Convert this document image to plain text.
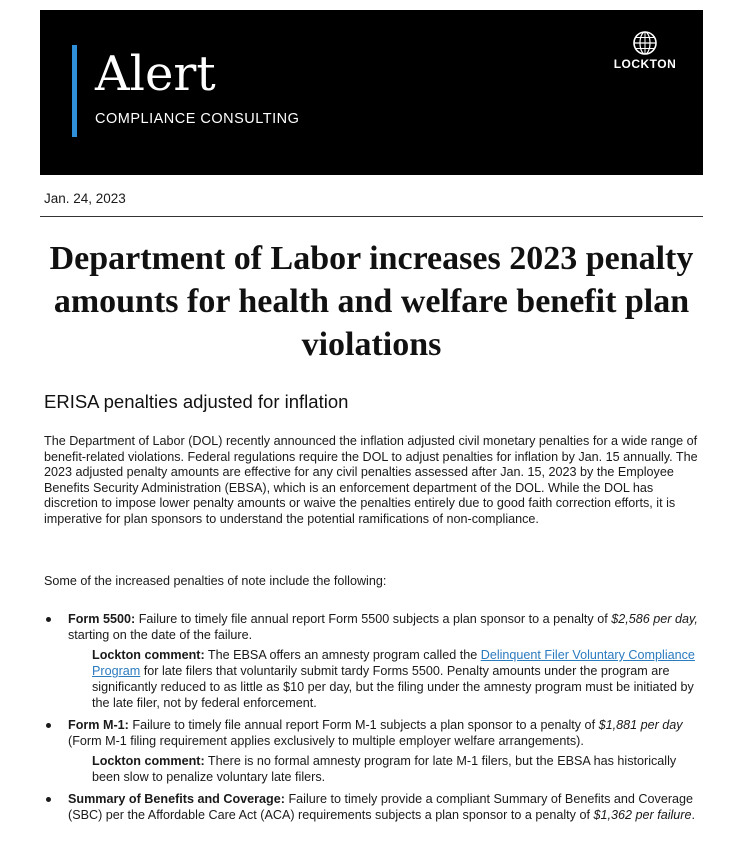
Alert
COMPLIANCE CONSULTING
LOCKTON
Jan. 24, 2023
Department of Labor increases 2023 penalty amounts for health and welfare benefit plan violations
ERISA penalties adjusted for inflation

The Department of Labor (DOL) recently announced the inflation adjusted civil monetary penalties for a wide range of benefit-related violations. Federal regulations require the DOL to adjust penalties for inflation by Jan. 15 annually. The 2023 adjusted penalty amounts are effective for any civil penalties assessed after Jan. 15, 2023 by the Employee Benefits Security Administration (EBSA), which is an enforcement department of the DOL. While the DOL has discretion to impose lower penalty amounts or waive the penalties entirely due to good faith correction efforts, it is imperative for plan sponsors to understand the potential ramifications of non-compliance.

Some of the increased penalties of note include the following:

Form 5500: Failure to timely file annual report Form 5500 subjects a plan sponsor to a penalty of $2,586 per day, starting on the date of the failure.
Lockton comment: The EBSA offers an amnesty program called the Delinquent Filer Voluntary Compliance Program for late filers that voluntarily submit tardy Forms 5500. Penalty amounts under the program are significantly reduced to as little as $10 per day, but the filing under the amnesty program must be initiated by the late filer, not by federal enforcement.
Form M-1: Failure to timely file annual report Form M-1 subjects a plan sponsor to a penalty of $1,881 per day (Form M-1 filing requirement applies exclusively to multiple employer welfare arrangements).
Lockton comment: There is no formal amnesty program for late M-1 filers, but the EBSA has historically been slow to penalize voluntary late filers.
Summary of Benefits and Coverage: Failure to timely provide a compliant Summary of Benefits and Coverage (SBC) per the Affordable Care Act (ACA) requirements subjects a plan sponsor to a penalty of $1,362 per failure.
